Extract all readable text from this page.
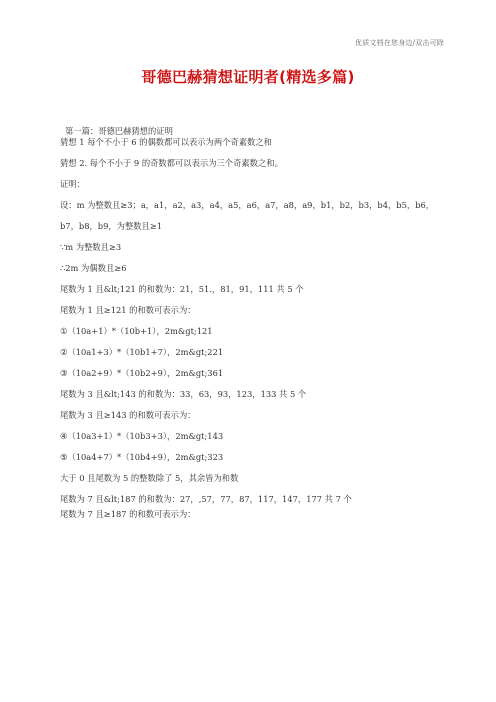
优质文档在您身边/双击可除
哥德巴赫猜想证明者(精选多篇)

第一篇：哥德巴赫猜想的证明

猜想 1 每个不小于 6 的偶数都可以表示为两个奇素数之和

猜想 2. 每个不小于 9 的奇数都可以表示为三个奇素数之和。

证明：

设：m 为整数且≥3；a，a1，a2，a3，a4，a5，a6，a7，a8，a9，b1，b2，b3，b4，b5，b6，

b7，b8，b9，为整数且≥1

∵m 为整数且≥3

∴2m 为偶数且≥6

尾数为 1 且&lt;121 的和数为：21，51.，81，91，111 共 5 个

尾数为 1 且≥121 的和数可表示为：

①（10a+1）*（10b+1），2m&gt;121

②（10a1+3）*（10b1+7），2m&gt;221

③（10a2+9）*（10b2+9），2m&gt;361

尾数为 3 且&lt;143 的和数为：33，63，93，123，133 共 5 个

尾数为 3 且≥143 的和数可表示为：

④（10a3+1）*（10b3+3），2m&gt;143

⑤（10a4+7）*（10b4+9），2m&gt;323

大于 0 且尾数为 5 的整数除了 5，其余皆为和数

尾数为 7 且&lt;187 的和数为：27，,57，77，87，117，147，177 共 7 个

尾数为 7 且≥187 的和数可表示为：
